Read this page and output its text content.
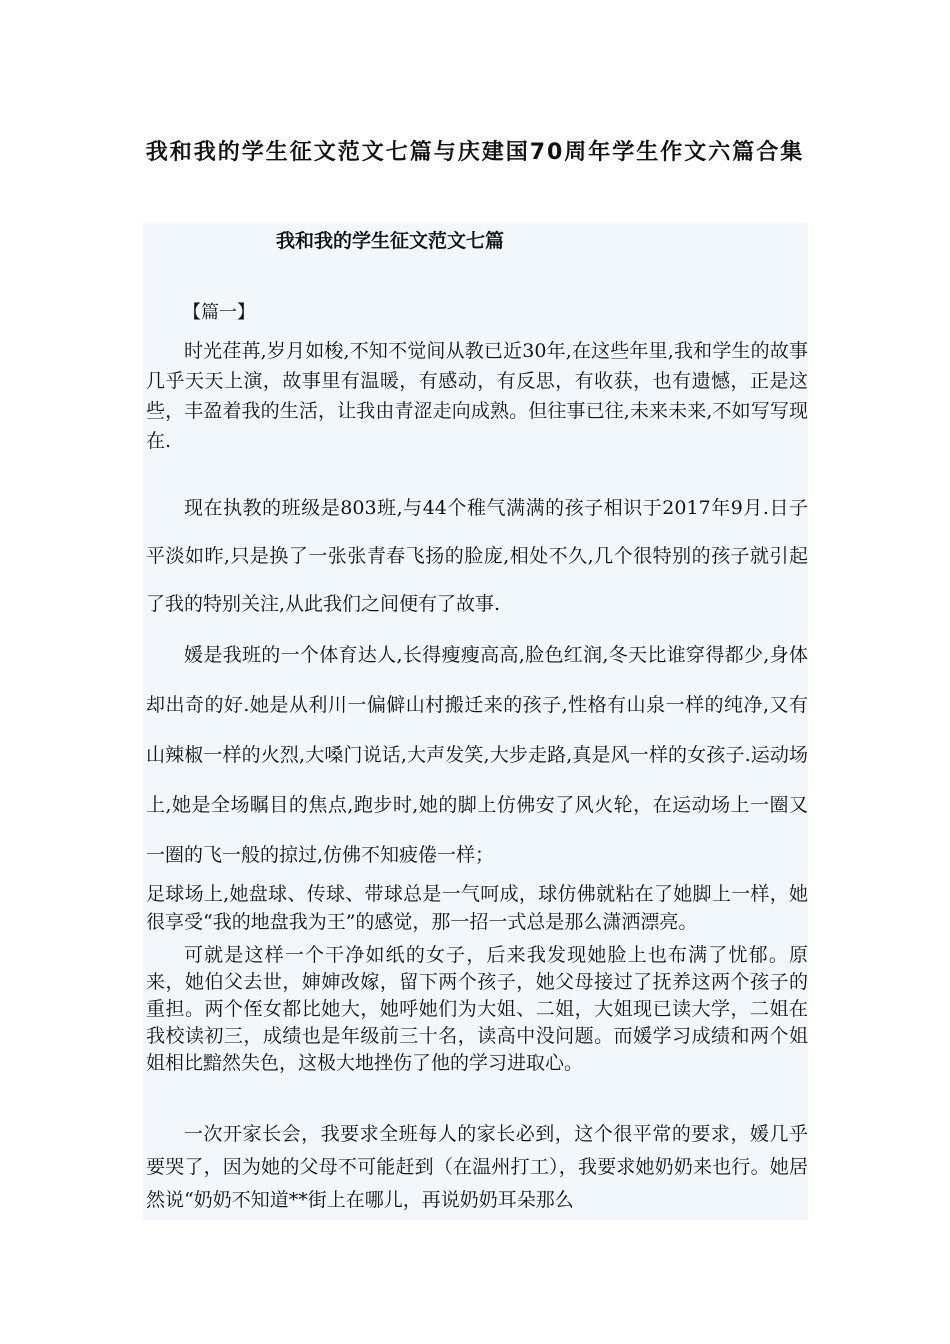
我和我的学生征文范文七篇与庆建国70周年学生作文六篇合集
我和我的学生征文范文七篇
【篇一】

时光荏苒,岁月如梭,不知不觉间从教已近30年,在这些年里,我和学生的故事几乎天天上演，故事里有温暖，有感动，有反思，有收获，也有遗憾，正是这些，丰盈着我的生活，让我由青涩走向成熟。但往事已往,未来未来,不如写写现在.

现在执教的班级是803班,与44个稚气满满的孩子相识于2017年9月.日子平淡如昨,只是换了一张张青春飞扬的脸庞,相处不久,几个很特别的孩子就引起了我的特别关注,从此我们之间便有了故事.

媛是我班的一个体育达人,长得瘦瘦高高,脸色红润,冬天比谁穿得都少,身体却出奇的好.她是从利川一偏僻山村搬迁来的孩子,性格有山泉一样的纯净,又有山辣椒一样的火烈,大嗓门说话,大声发笑,大步走路,真是风一样的女孩子.运动场上,她是全场瞩目的焦点,跑步时,她的脚上仿佛安了风火轮，在运动场上一圈又一圈的飞一般的掠过,仿佛不知疲倦一样；

足球场上,她盘球、传球、带球总是一气呵成，球仿佛就粘在了她脚上一样，她很享受“我的地盘我为王”的感觉，那一招一式总是那么潇洒漂亮。

可就是这样一个干净如纸的女子，后来我发现她脸上也布满了忧郁。原来，她伯父去世，婶婶改嫁，留下两个孩子，她父母接过了抚养这两个孩子的重担。两个侄女都比她大，她呼她们为大姐、二姐，大姐现已读大学，二姐在我校读初三，成绩也是年级前三十名，读高中没问题。而媛学习成绩和两个姐姐相比黯然失色，这极大地挫伤了他的学习进取心。

一次开家长会，我要求全班每人的家长必到，这个很平常的要求，媛几乎要哭了，因为她的父母不可能赶到（在温州打工），我要求她奶奶来也行。她居然说“奶奶不知道**街上在哪儿，再说奶奶耳朵那么
